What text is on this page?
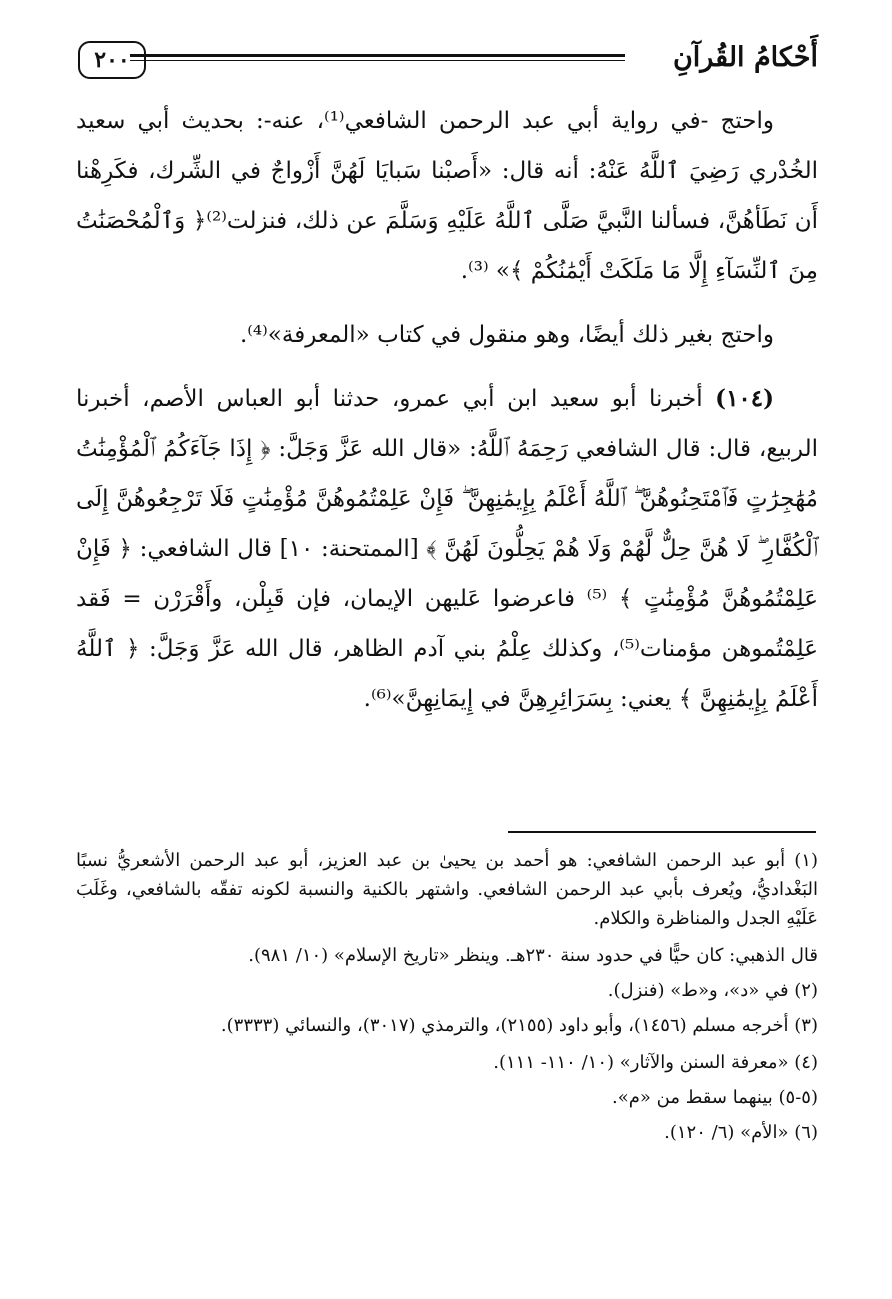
أَحْكامُ القُرآنِ
٢٠٠

واحتج -في رواية أبي عبد الرحمن الشافعي⁽¹⁾، عنه-: بحديث أبي سعيد الخُدْري رَضِيَ ٱللَّهُ عَنْهُ: أنه قال: «أَصبْنا سَبايَا لَهُنَّ أَزْواجٌ في الشِّرك، فكَرِهْنا أَن نَطَأهُنَّ، فسألنا النَّبيَّ صَلَّى ٱللَّهُ عَلَيْهِ وَسَلَّمَ عن ذلك، فنزلت⁽²⁾﴿ وَٱلْمُحْصَنَٰتُ مِنَ ٱلنِّسَآءِ إِلَّا مَا مَلَكَتْ أَيْمَٰنُكُمْ ﴾» ⁽³⁾.

واحتج بغير ذلك أيضًا، وهو منقول في كتاب «المعرفة»⁽⁴⁾.

(١٠٤) أخبرنا أبو سعيد ابن أبي عمرو، حدثنا أبو العباس الأصم، أخبرنا الربيع، قال: قال الشافعي رَحِمَهُ ٱللَّهُ: «قال الله عَزَّ وَجَلَّ: ﴿ إِذَا جَآءَكُمُ ٱلْمُؤْمِنَٰتُ مُهَٰجِرَٰتٍ فَٱمْتَحِنُوهُنَّ ۖ ٱللَّهُ أَعْلَمُ بِإِيمَٰنِهِنَّ ۖ فَإِنْ عَلِمْتُمُوهُنَّ مُؤْمِنَٰتٍ فَلَا تَرْجِعُوهُنَّ إِلَى ٱلْكُفَّارِ ۖ لَا هُنَّ حِلٌّ لَّهُمْ وَلَا هُمْ يَحِلُّونَ لَهُنَّ ﴾ [الممتحنة: ١٠] قال الشافعي: ﴿ فَإِنْ عَلِمْتُمُوهُنَّ مُؤْمِنَٰتٍ ﴾ ⁽⁵⁾ فاعرضوا عَليهن الإيمان، فإن قَبِلْن، وأَقْرَرْن = فَقد عَلِمْتُموهن مؤمنات⁽⁵⁾، وكذلك عِلْمُ بني آدم الظاهر، قال الله عَزَّ وَجَلَّ: ﴿ ٱللَّهُ أَعْلَمُ بِإِيمَٰنِهِنَّ ﴾ يعني: بِسَرَائِرِهِنَّ في إِيمَانِهِنَّ»⁽⁶⁾.

(١) أبو عبد الرحمن الشافعي: هو أحمد بن يحيىٰ بن عبد العزيز، أبو عبد الرحمن الأشعريُّ نسبًا البَغْداديُّ، ويُعرف بأبي عبد الرحمن الشافعي. واشتهر بالكنية والنسبة لكونه تفقّه بالشافعي، وغَلَبَ عَلَيْهِ الجدل والمناظرة والكلام.

قال الذهبي: كان حيًّا في حدود سنة ٢٣٠هـ. وينظر «تاريخ الإسلام» (١٠/ ٩٨١).

(٢) في «د»، و«ط» (فنزل).

(٣) أخرجه مسلم (١٤٥٦)، وأبو داود (٢١٥٥)، والترمذي (٣٠١٧)، والنسائي (٣٣٣٣).

(٤) «معرفة السنن والآثار» (١٠/ ١١٠- ١١١).

(٥-٥) بينهما سقط من «م».

(٦) «الأم» (٦/ ١٢٠).
